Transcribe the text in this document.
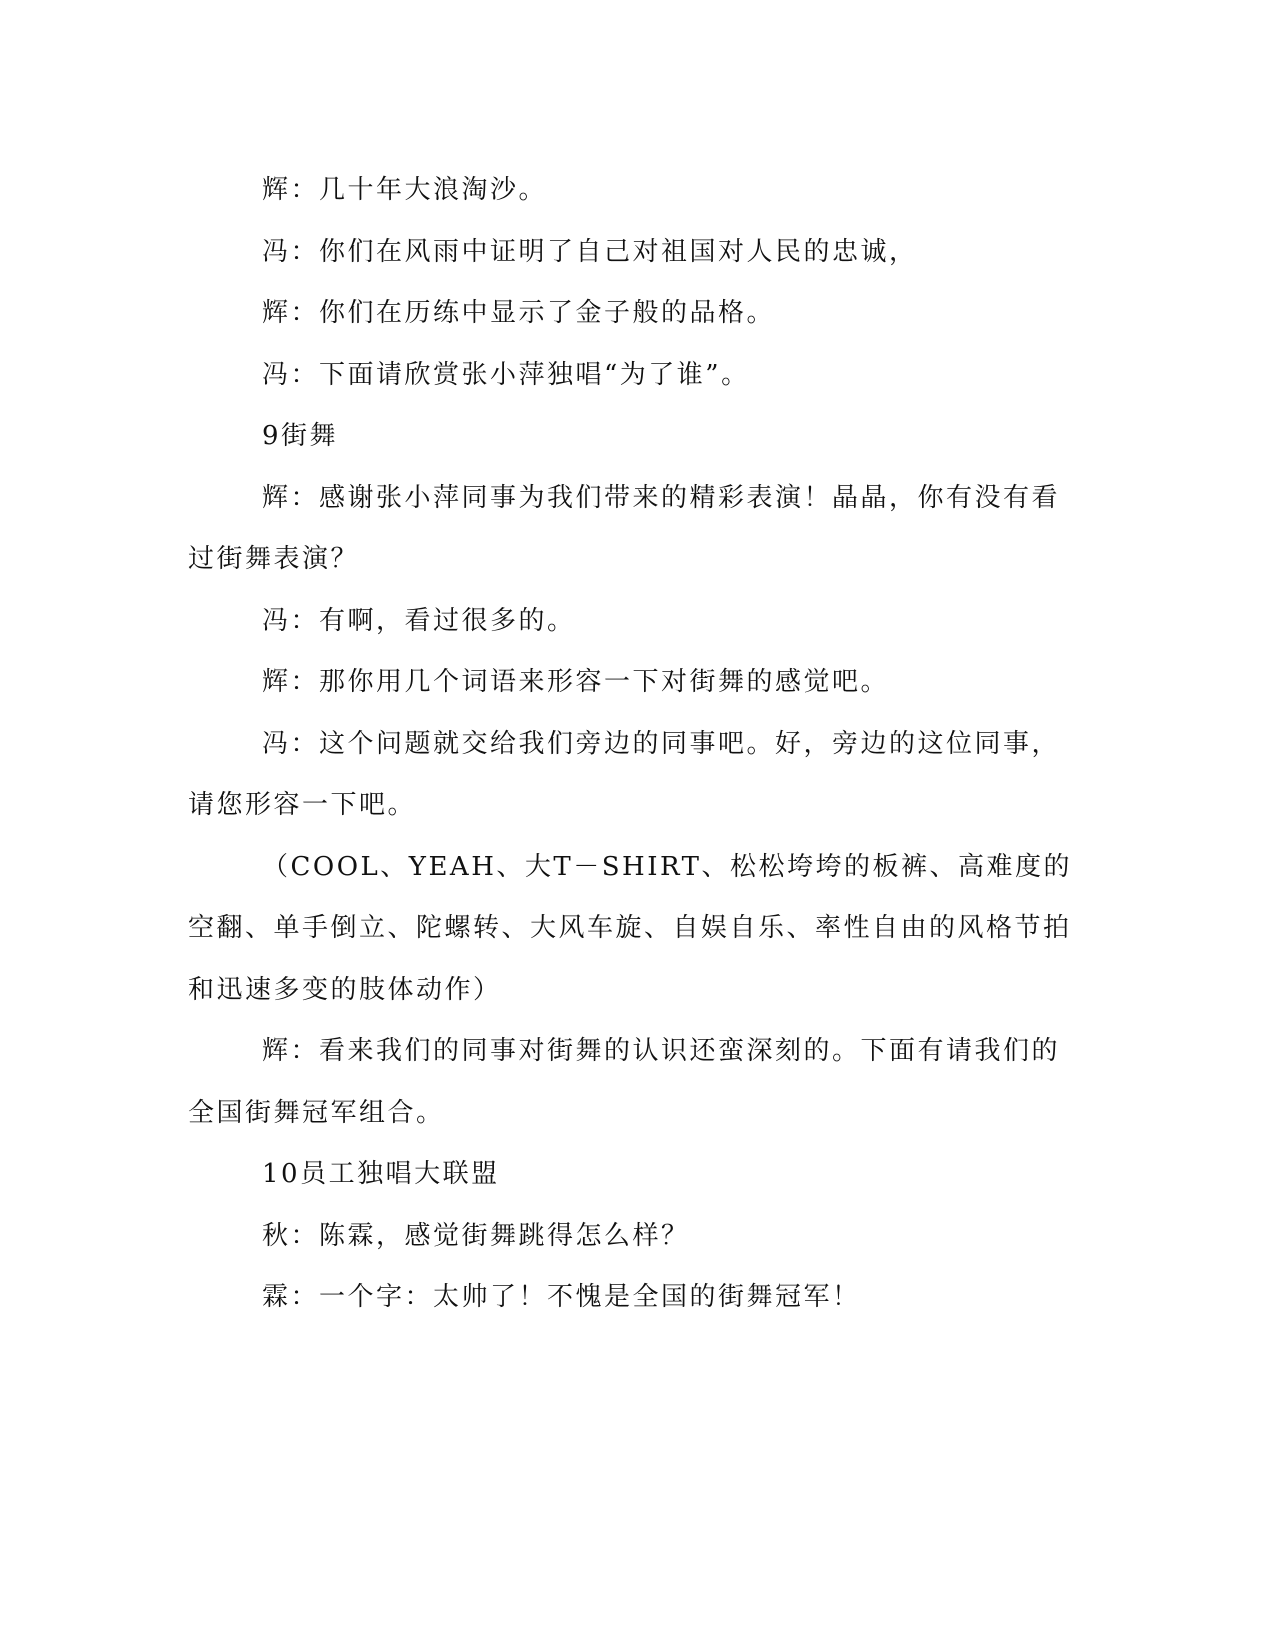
辉：几十年大浪淘沙。

冯：你们在风雨中证明了自己对祖国对人民的忠诚，

辉：你们在历练中显示了金子般的品格。

冯：下面请欣赏张小萍独唱“为了谁”。

9街舞

辉：感谢张小萍同事为我们带来的精彩表演！晶晶，你有没有看过街舞表演？

冯：有啊，看过很多的。

辉：那你用几个词语来形容一下对街舞的感觉吧。

冯：这个问题就交给我们旁边的同事吧。好，旁边的这位同事，请您形容一下吧。

（COOL、YEAH、大T－SHIRT、松松垮垮的板裤、高难度的空翻、单手倒立、陀螺转、大风车旋、自娱自乐、率性自由的风格节拍和迅速多变的肢体动作）

辉：看来我们的同事对街舞的认识还蛮深刻的。下面有请我们的全国街舞冠军组合。

10员工独唱大联盟

秋：陈霖，感觉街舞跳得怎么样？

霖：一个字：太帅了！不愧是全国的街舞冠军！
